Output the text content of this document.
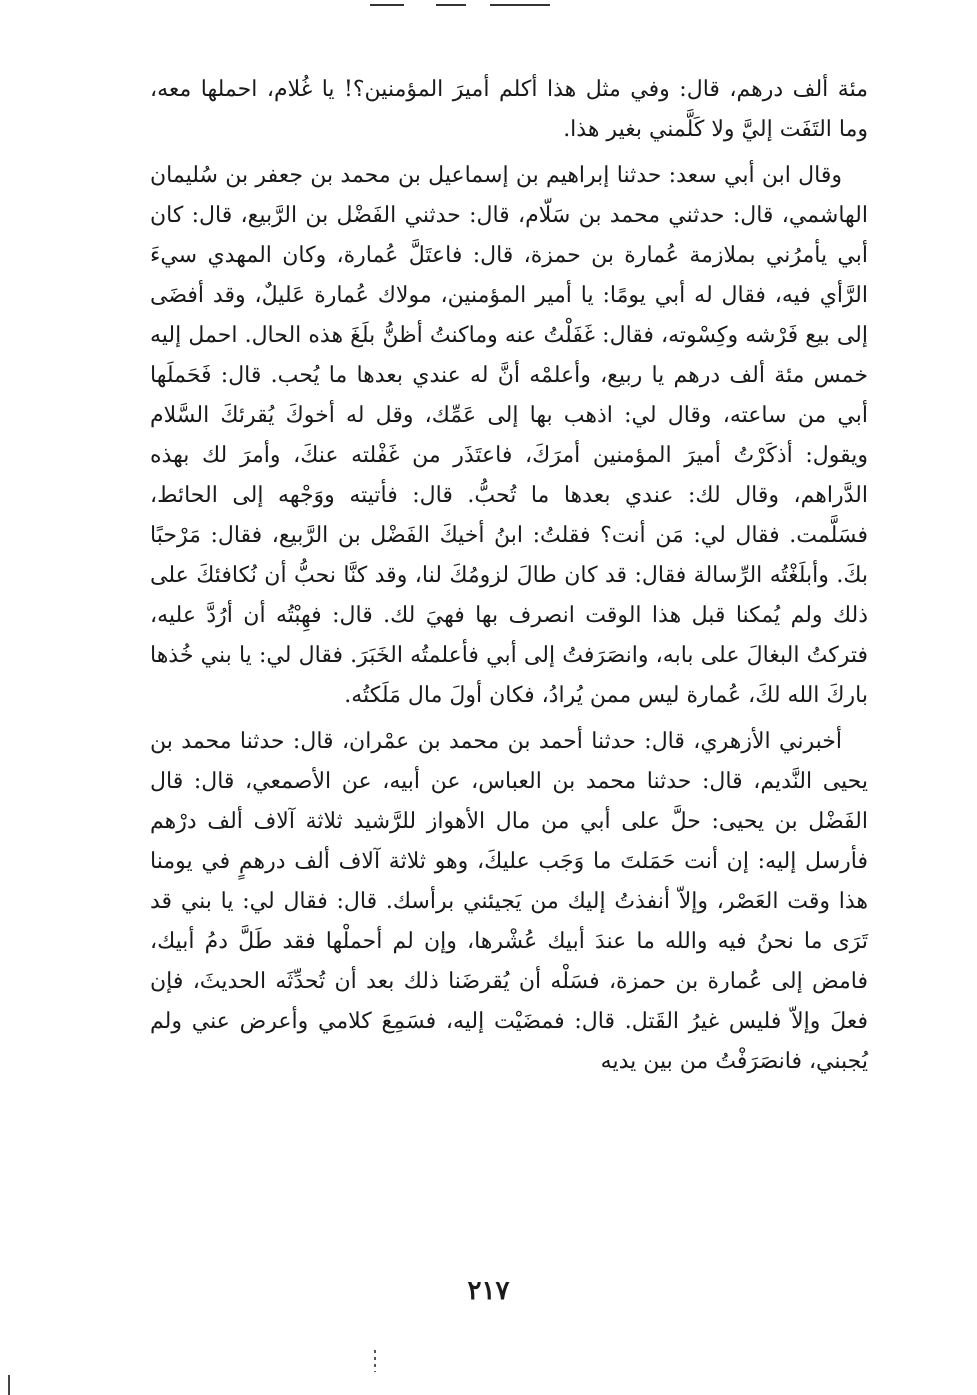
مئة ألف درهم، قال: وفي مثل هذا أكلم أميرَ المؤمنين؟! يا غُلام، احملها معه، وما التَفَت إليَّ ولا كَلَّمني بغير هذا.

وقال ابن أبي سعد: حدثنا إبراهيم بن إسماعيل بن محمد بن جعفر بن سُليمان الهاشمي، قال: حدثني محمد بن سَلّام، قال: حدثني الفَضْل بن الرَّبيع، قال: كان أبي يأمرُني بملازمة عُمارة بن حمزة، قال: فاعتَلَّ عُمارة، وكان المهدي سيءَ الرَّأي فيه، فقال له أبي يومًا: يا أمير المؤمنين، مولاك عُمارة عَليلٌ، وقد أفضَى إلى بيع فَرْشه وكِسْوته، فقال: غَفَلْتُ عنه وماكنتُ أظنُّ بلَغَ هذه الحال. احمل إليه خمس مئة ألف درهم يا ربيع، وأعلمْه أنَّ له عندي بعدها ما يُحب. قال: فَحَملَها أبي من ساعته، وقال لي: اذهب بها إلى عَمِّك، وقل له أخوكَ يُقرئكَ السَّلام ويقول: أذكَرْتُ أميرَ المؤمنين أمرَكَ، فاعتَذَر من غَفْلته عنكَ، وأمرَ لك بهذه الدَّراهم، وقال لك: عندي بعدها ما تُحبُّ. قال: فأتيته ووَجْهه إلى الحائط، فسَلَّمت. فقال لي: مَن أنت؟ فقلتُ: ابنُ أخيكَ الفَضْل بن الرَّبيع، فقال: مَرْحبًا بكَ. وأبلَغْتُه الرِّسالة فقال: قد كان طالَ لزومُكَ لنا، وقد كنَّا نحبُّ أن نُكافئكَ على ذلك ولم يُمكنا قبل هذا الوقت انصرف بها فهيَ لك. قال: فهِبْتُه أن أرُدَّ عليه، فتركتُ البغالَ على بابه، وانصَرَفتُ إلى أبي فأعلمتُه الخَبَرَ. فقال لي: يا بني خُذها باركَ الله لكَ، عُمارة ليس ممن يُرادُ، فكان أولَ مال مَلَكتُه.

أخبرني الأزهري، قال: حدثنا أحمد بن محمد بن عمْران، قال: حدثنا محمد بن يحيى النَّديم، قال: حدثنا محمد بن العباس، عن أبيه، عن الأصمعي، قال: قال الفَضْل بن يحيى: حلَّ على أبي من مال الأهواز للرَّشيد ثلاثة آلاف ألف درْهم فأرسل إليه: إن أنت حَمَلتَ ما وَجَب عليكَ، وهو ثلاثة آلاف ألف درهمٍ في يومنا هذا وقت العَصْر، وإلاّ أنفذتُ إليك من يَجيئني برأسك. قال: فقال لي: يا بني قد تَرَى ما نحنُ فيه والله ما عندَ أبيك عُشْرها، وإن لم أحملْها فقد طَلَّ دمُ أبيك، فامض إلى عُمارة بن حمزة، فسَلْه أن يُقرضَنا ذلك بعد أن تُحدِّثَه الحديثَ، فإن فعلَ وإلاّ فليس غيرُ القَتل. قال: فمضَيْت إليه، فسَمِعَ كلامي وأعرض عني ولم يُجبني، فانصَرَفْتُ من بين يديه

٢١٧
